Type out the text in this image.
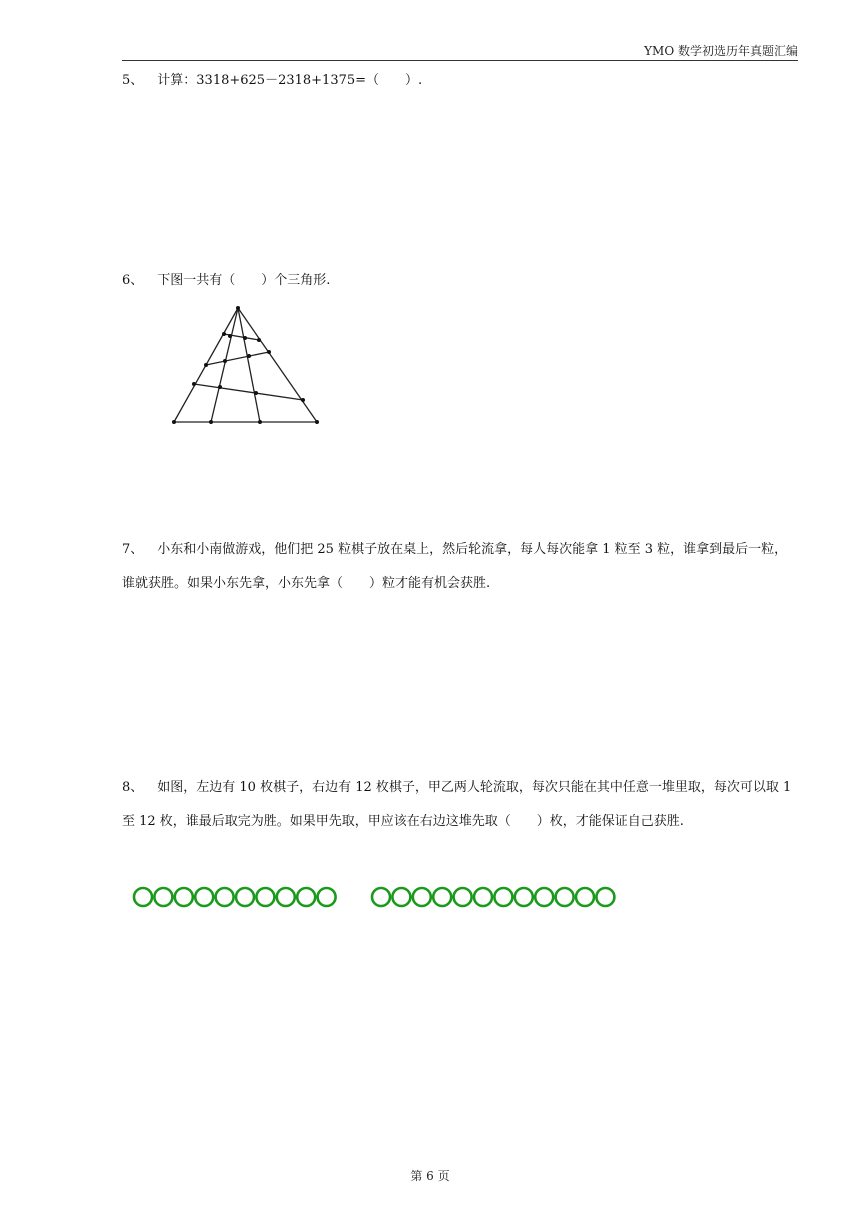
YMO 数学初选历年真题汇编
5、 计算：3318+625－2318+1375=（　　）.
6、 下图一共有（　　）个三角形.
7、 小东和小南做游戏，他们把 25 粒棋子放在桌上，然后轮流拿，每人每次能拿 1 粒至 3 粒，谁拿到最后一粒，谁就获胜。如果小东先拿，小东先拿（　　）粒才能有机会获胜.
8、 如图，左边有 10 枚棋子，右边有 12 枚棋子，甲乙两人轮流取，每次只能在其中任意一堆里取，每次可以取 1 至 12 枚，谁最后取完为胜。如果甲先取，甲应该在右边这堆先取（　　）枚，才能保证自己获胜.
第 6 页
